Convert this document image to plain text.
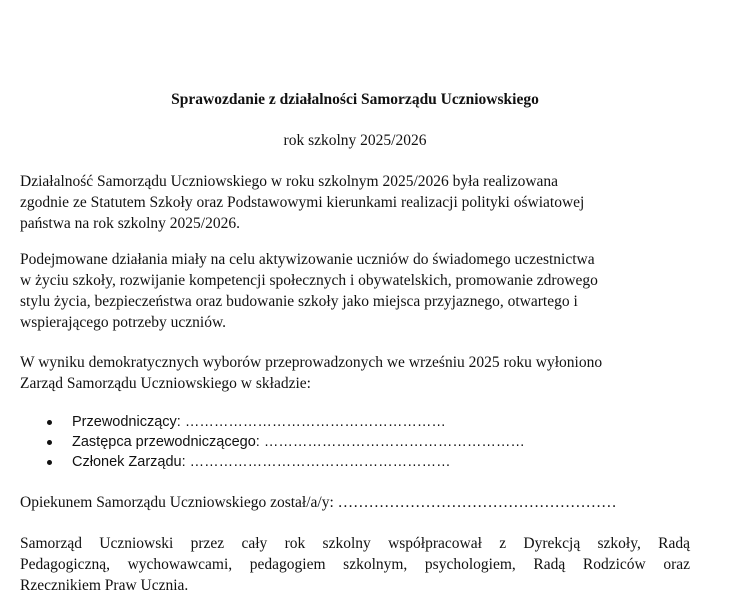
Sprawozdanie z działalności Samorządu Uczniowskiego

rok szkolny 2025/2026

Działalność Samorządu Uczniowskiego w roku szkolnym 2025/2026 była realizowana
zgodnie ze Statutem Szkoły oraz Podstawowymi kierunkami realizacji polityki oświatowej
państwa na rok szkolny 2025/2026.

Podejmowane działania miały na celu aktywizowanie uczniów do świadomego uczestnictwa
w życiu szkoły, rozwijanie kompetencji społecznych i obywatelskich, promowanie zdrowego
stylu życia, bezpieczeństwa oraz budowanie szkoły jako miejsca przyjaznego, otwartego i
wspierającego potrzeby uczniów.

W wyniku demokratycznych wyborów przeprowadzonych we wrześniu 2025 roku wyłoniono
Zarząd Samorządu Uczniowskiego w składzie:

Przewodniczący: ………………………………………………
Zastępca przewodniczącego: ………………………………………………
Członek Zarządu: ………………………………………………

Opiekunem Samorządu Uczniowskiego został/a/y: ………………………………………………

Samorząd Uczniowski przez cały rok szkolny współpracował z Dyrekcją szkoły, Radą
Pedagogiczną, wychowawcami, pedagogiem szkolnym, psychologiem, Radą Rodziców oraz
Rzecznikiem Praw Ucznia.
